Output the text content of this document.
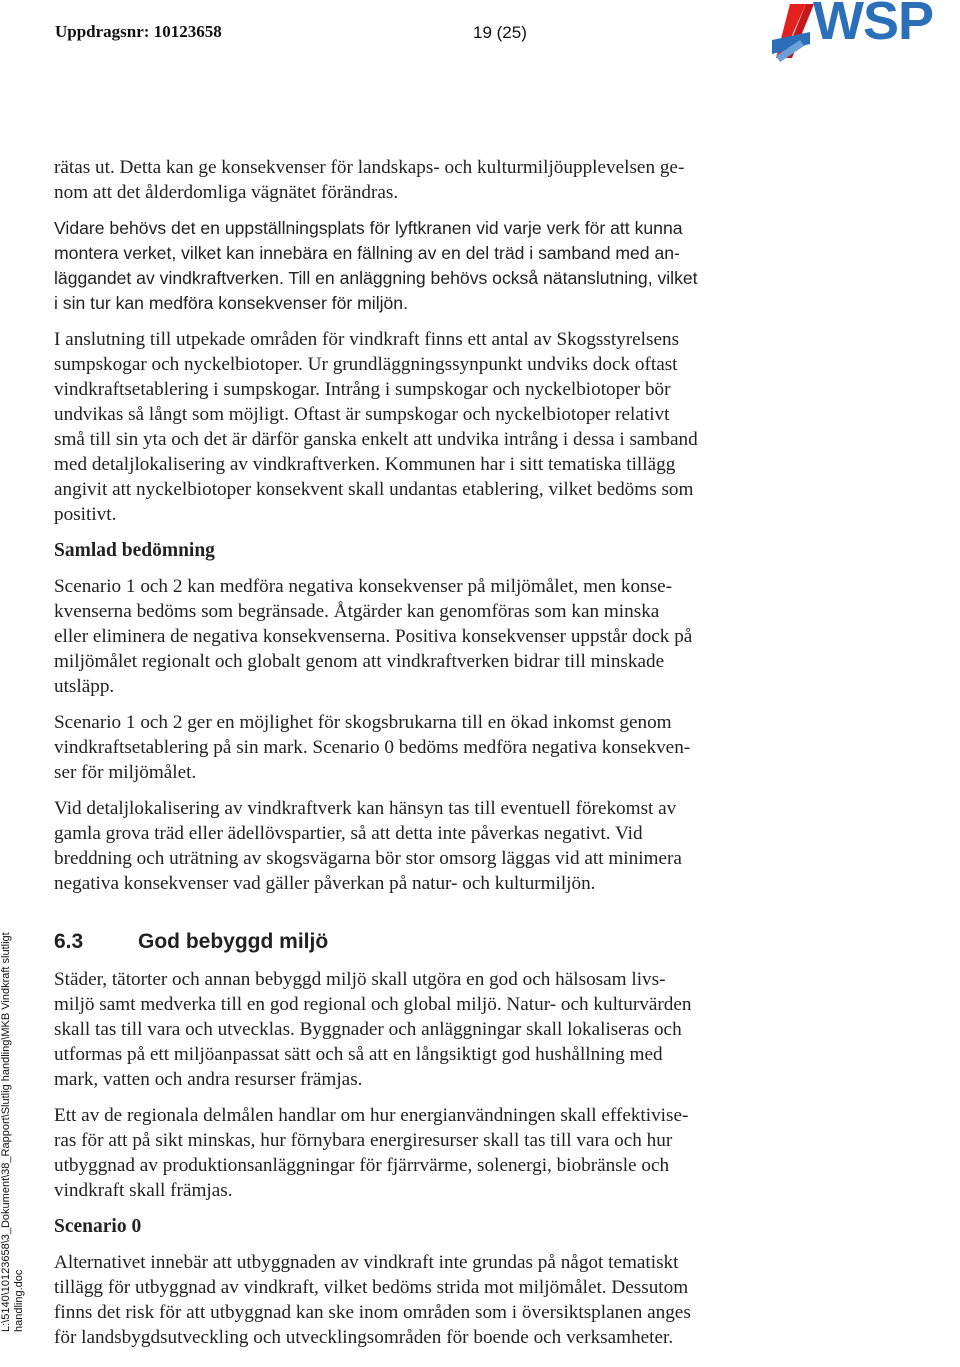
Uppdragsnr: 10123658	19 (25)	WSP
L:\5140\10123658\3_Dokument\38_Rapport\Slutlig handling\MKB Vindkraft slutligt handling.doc

rätas ut. Detta kan ge konsekvenser för landskaps- och kulturmiljöupplevelsen ge-
nom att det ålderdomliga vägnätet förändras.

Vidare behövs det en uppställningsplats för lyftkranen vid varje verk för att kunna
montera verket, vilket kan innebära en fällning av en del träd i samband med an-
läggandet av vindkraftverken. Till en anläggning behövs också nätanslutning, vilket
i sin tur kan medföra konsekvenser för miljön.

I anslutning till utpekade områden för vindkraft finns ett antal av Skogsstyrelsens
sumpskogar och nyckelbiotoper. Ur grundläggningssynpunkt undviks dock oftast
vindkraftsetablering i sumpskogar. Intrång i sumpskogar och nyckelbiotoper bör
undvikas så långt som möjligt. Oftast är sumpskogar och nyckelbiotoper relativt
små till sin yta och det är därför ganska enkelt att undvika intrång i dessa i samband
med detaljlokalisering av vindkraftverken. Kommunen har i sitt tematiska tillägg
angivit att nyckelbiotoper konsekvent skall undantas etablering, vilket bedöms som
positivt.

Samlad bedömning

Scenario 1 och 2 kan medföra negativa konsekvenser på miljömålet, men konse-
kvenserna bedöms som begränsade. Åtgärder kan genomföras som kan minska
eller eliminera de negativa konsekvenserna. Positiva konsekvenser uppstår dock på
miljömålet regionalt och globalt genom att vindkraftverken bidrar till minskade
utsläpp.

Scenario 1 och 2 ger en möjlighet för skogsbrukarna till en ökad inkomst genom
vindkraftsetablering på sin mark. Scenario 0 bedöms medföra negativa konsekven-
ser för miljömålet.

Vid detaljlokalisering av vindkraftverk kan hänsyn tas till eventuell förekomst av
gamla grova träd eller ädellövspartier, så att detta inte påverkas negativt. Vid
breddning och uträtning av skogsvägarna bör stor omsorg läggas vid att minimera
negativa konsekvenser vad gäller påverkan på natur- och kulturmiljön.

6.3	God bebyggd miljö

Städer, tätorter och annan bebyggd miljö skall utgöra en god och hälsosam livs-
miljö samt medverka till en god regional och global miljö. Natur- och kulturvärden
skall tas till vara och utvecklas. Byggnader och anläggningar skall lokaliseras och
utformas på ett miljöanpassat sätt och så att en långsiktigt god hushållning med
mark, vatten och andra resurser främjas.

Ett av de regionala delmålen handlar om hur energianvändningen skall effektivise-
ras för att på sikt minskas, hur förnybara energiresurser skall tas till vara och hur
utbyggnad av produktionsanläggningar för fjärrvärme, solenergi, biobränsle och
vindkraft skall främjas.

Scenario 0

Alternativet innebär att utbyggnaden av vindkraft inte grundas på något tematiskt
tillägg för utbyggnad av vindkraft, vilket bedöms strida mot miljömålet. Dessutom
finns det risk för att utbyggnad kan ske inom områden som i översiktsplanen anges
för landsbygdsutveckling och utvecklingsområden för boende och verksamheter.
